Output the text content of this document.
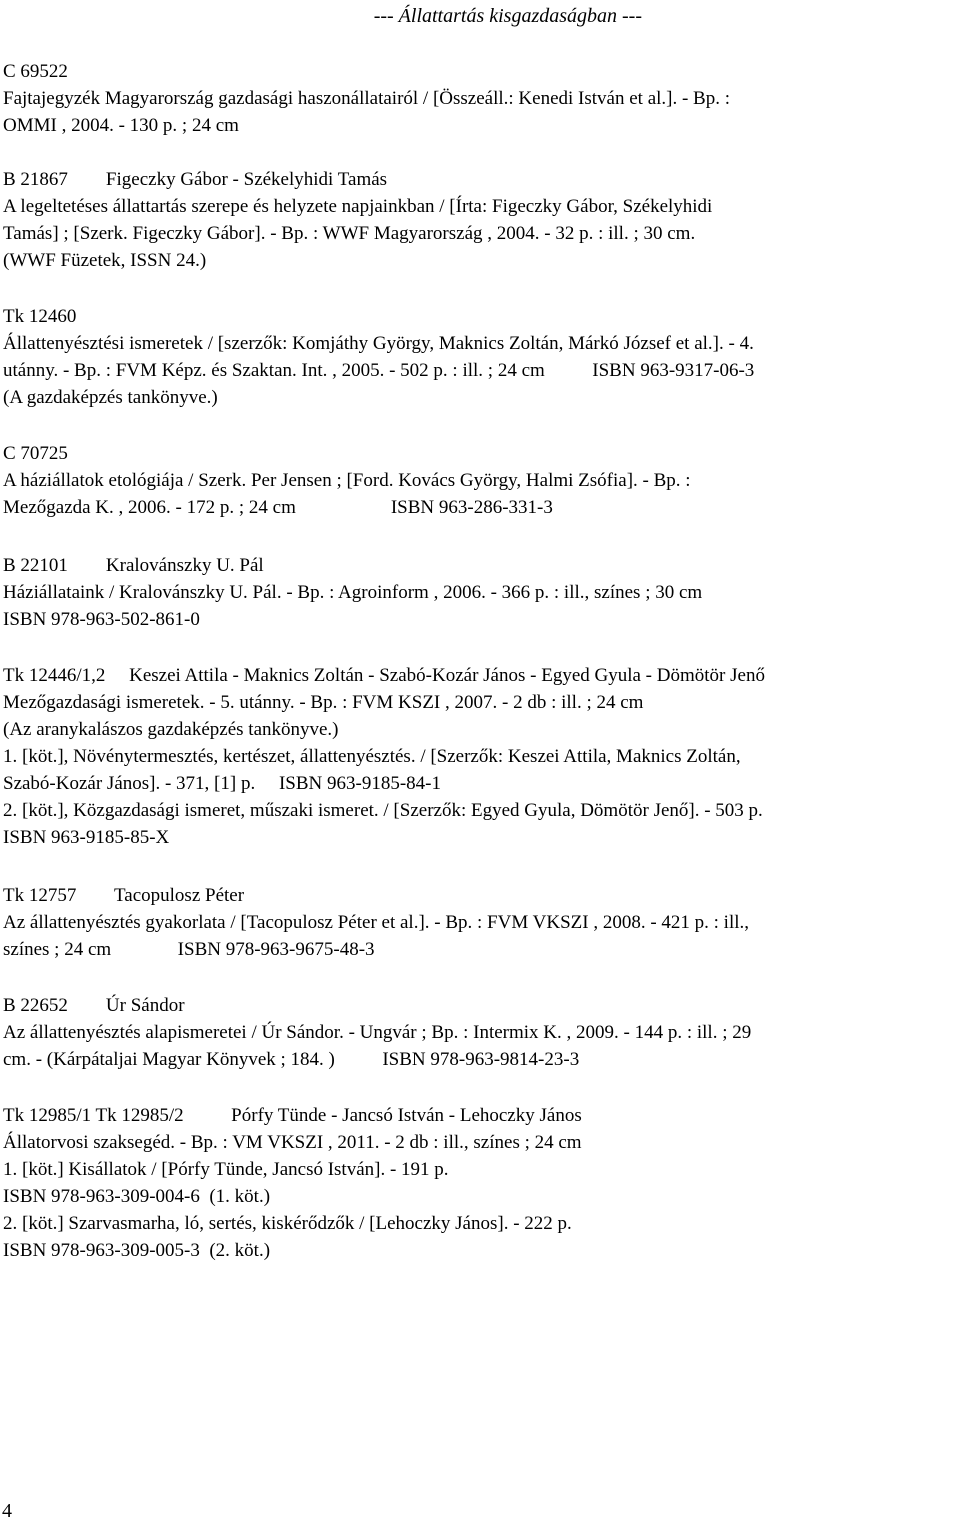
--- Állattartás kisgazdaságban ---
C 69522
Fajtajegyzék Magyarország gazdasági haszonállatairól / [Összeáll.: Kenedi István et al.]. - Bp. :
OMMI , 2004. - 130 p. ; 24 cm
B 21867        Figeczky Gábor - Székelyhidi Tamás
A legeltetéses állattartás szerepe és helyzete napjainkban / [Írta: Figeczky Gábor, Székelyhidi
Tamás] ; [Szerk. Figeczky Gábor]. - Bp. : WWF Magyarország , 2004. - 32 p. : ill. ; 30 cm.
(WWF Füzetek, ISSN 24.)
Tk 12460
Állattenyésztési ismeretek / [szerzők: Komjáthy György, Maknics Zoltán, Márkó József et al.]. - 4.
utánny. - Bp. : FVM Képz. és Szaktan. Int. , 2005. - 502 p. : ill. ; 24 cm          ISBN 963-9317-06-3
(A gazdaképzés tankönyve.)
C 70725
A háziállatok etológiája / Szerk. Per Jensen ; [Ford. Kovács György, Halmi Zsófia]. - Bp. :
Mezőgazda K. , 2006. - 172 p. ; 24 cm                    ISBN 963-286-331-3
B 22101        Kralovánszky U. Pál
Háziállataink / Kralovánszky U. Pál. - Bp. : Agroinform , 2006. - 366 p. : ill., színes ; 30 cm
ISBN 978-963-502-861-0
Tk 12446/1,2     Keszei Attila - Maknics Zoltán - Szabó-Kozár János - Egyed Gyula - Dömötör Jenő
Mezőgazdasági ismeretek. - 5. utánny. - Bp. : FVM KSZI , 2007. - 2 db : ill. ; 24 cm
(Az aranykalászos gazdaképzés tankönyve.)
1. [köt.], Növénytermesztés, kertészet, állattenyésztés. / [Szerzők: Keszei Attila, Maknics Zoltán,
Szabó-Kozár János]. - 371, [1] p.     ISBN 963-9185-84-1
2. [köt.], Közgazdasági ismeret, műszaki ismeret. / [Szerzők: Egyed Gyula, Dömötör Jenő]. - 503 p.
ISBN 963-9185-85-X
Tk 12757        Tacopulosz Péter
Az állattenyésztés gyakorlata / [Tacopulosz Péter et al.]. - Bp. : FVM VKSZI , 2008. - 421 p. : ill.,
színes ; 24 cm              ISBN 978-963-9675-48-3
B 22652        Úr Sándor
Az állattenyésztés alapismeretei / Úr Sándor. - Ungvár ; Bp. : Intermix K. , 2009. - 144 p. : ill. ; 29
cm. - (Kárpátaljai Magyar Könyvek ; 184. )          ISBN 978-963-9814-23-3
Tk 12985/1 Tk 12985/2          Pórfy Tünde - Jancsó István - Lehoczky János
Állatorvosi szaksegéd. - Bp. : VM VKSZI , 2011. - 2 db : ill., színes ; 24 cm
1. [köt.] Kisállatok / [Pórfy Tünde, Jancsó István]. - 191 p.
ISBN 978-963-309-004-6  (1. köt.)
2. [köt.] Szarvasmarha, ló, sertés, kiskérődzők / [Lehoczky János]. - 222 p.
ISBN 978-963-309-005-3  (2. köt.)
4
